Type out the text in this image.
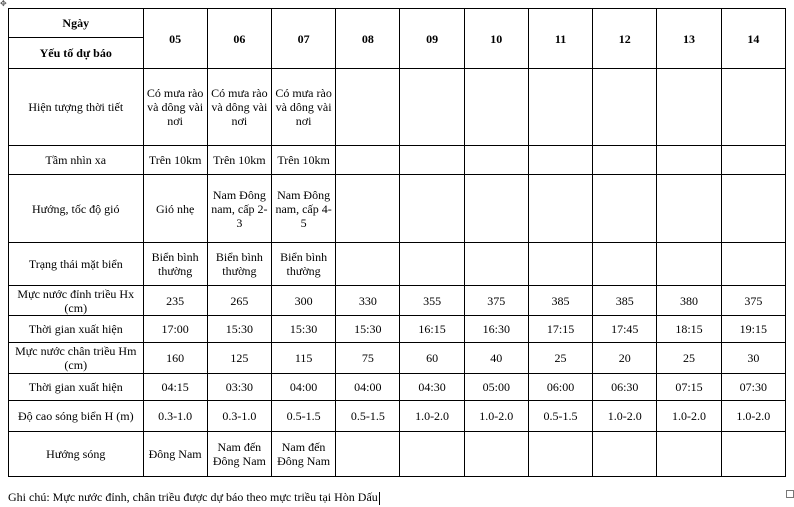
✥
Ngày
Yếu tố dự báo	05	06	07	08	09	10	11	12	13	14
Hiện tượng thời tiết	Có mưa rào và dông vài nơi	Có mưa rào và dông vài nơi	Có mưa rào và dông vài nơi							
Tầm nhìn xa	Trên 10km	Trên 10km	Trên 10km							
Hướng, tốc độ gió	Gió nhẹ	Nam Đông nam, cấp 2-3	Nam Đông nam, cấp 4-5							
Trạng thái mặt biển	Biển bình thường	Biển bình thường	Biển bình thường							
Mực nước đỉnh triều Hx (cm)	235	265	300	330	355	375	385	385	380	375
Thời gian xuất hiện	17:00	15:30	15:30	15:30	16:15	16:30	17:15	17:45	18:15	19:15
Mực nước chân triều Hm (cm)	160	125	115	75	60	40	25	20	25	30
Thời gian xuất hiện	04:15	03:30	04:00	04:00	04:30	05:00	06:00	06:30	07:15	07:30
Độ cao sóng biển H (m)	0.3-1.0	0.3-1.0	0.5-1.5	0.5-1.5	1.0-2.0	1.0-2.0	0.5-1.5	1.0-2.0	1.0-2.0	1.0-2.0
Hướng sóng	Đông Nam	Nam đến Đông Nam	Nam đến Đông Nam							
Ghi chú: Mực nước đỉnh, chân triều được dự báo theo mực triều tại Hòn Dấu
